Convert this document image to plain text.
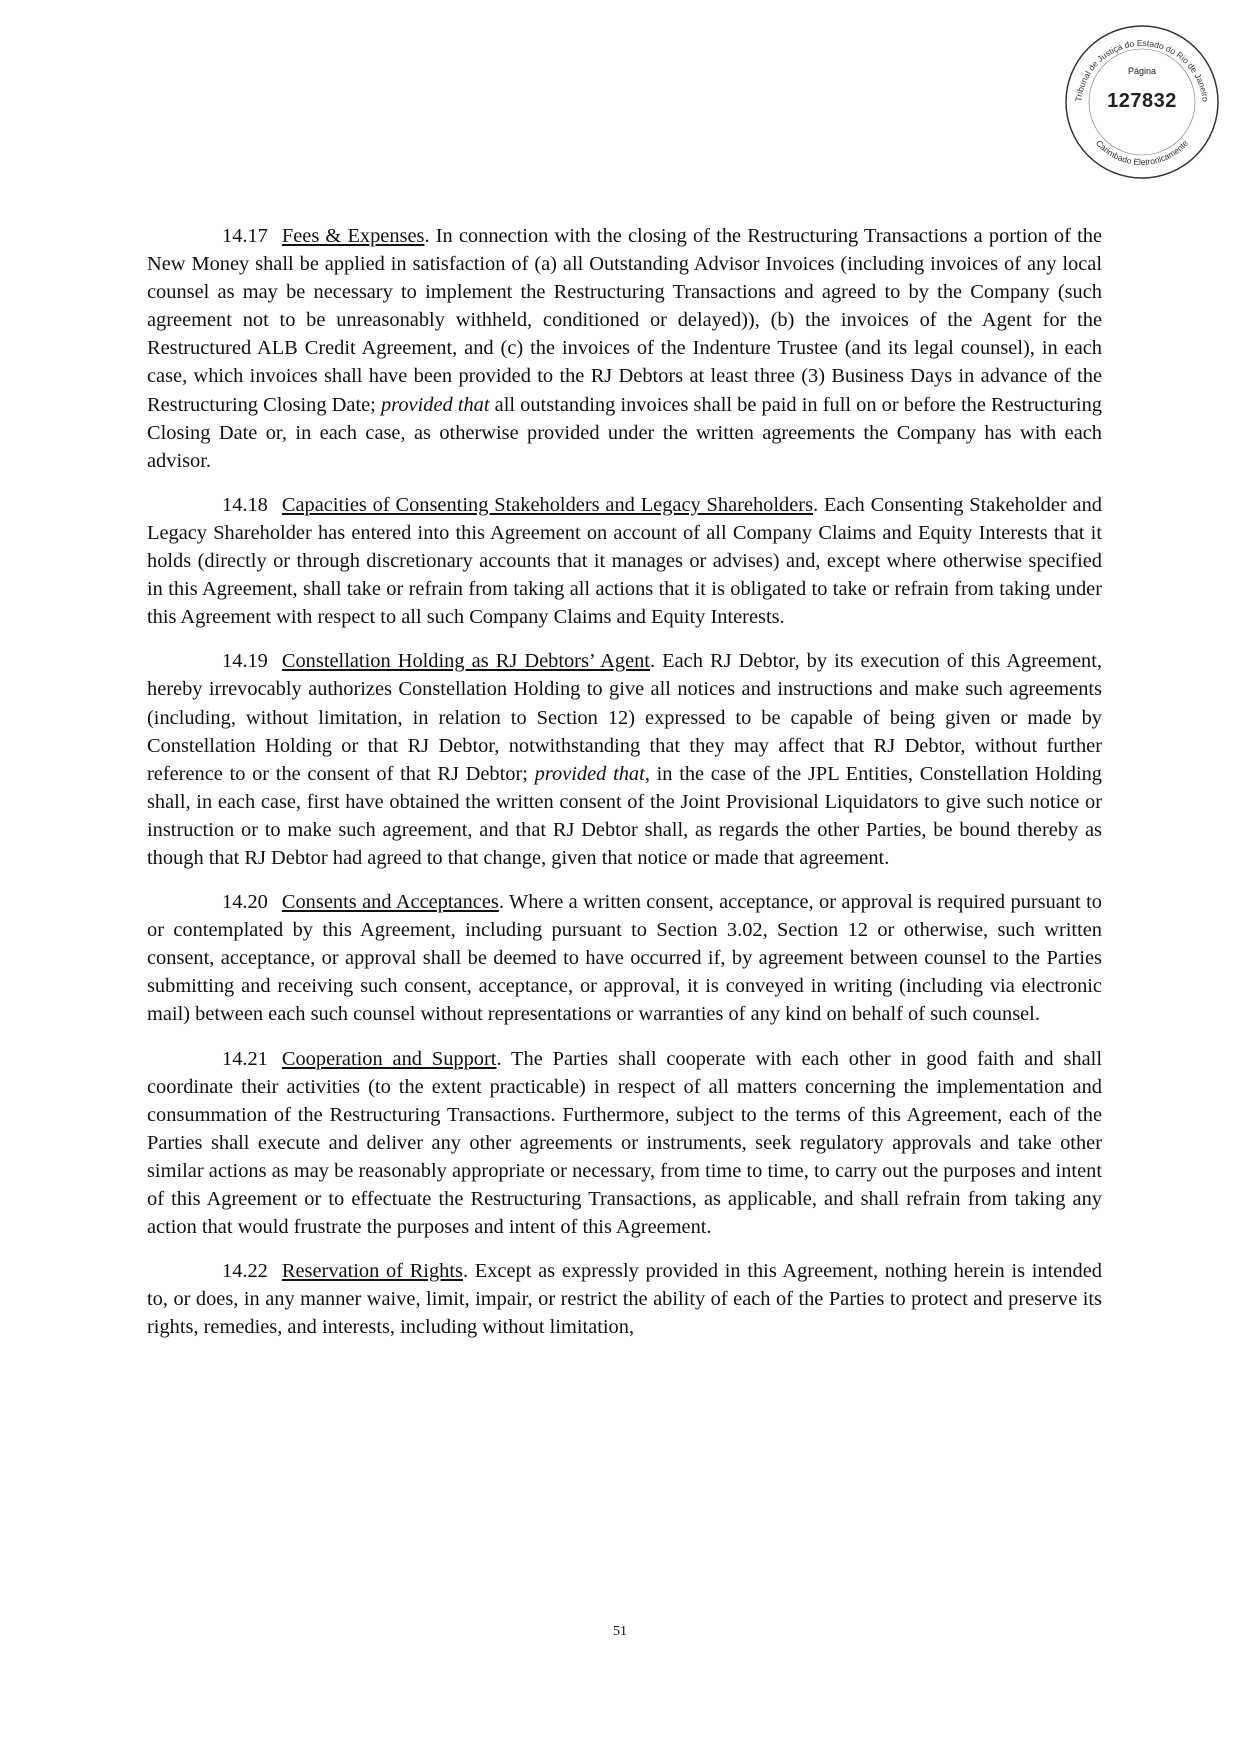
Tribunal de Justiça do Estado do Rio de Janeiro
Carimbado Eletronicamente
Página
127832

14.17 Fees & Expenses. In connection with the closing of the Restructuring Transactions a portion of the New Money shall be applied in satisfaction of (a) all Outstanding Advisor Invoices (including invoices of any local counsel as may be necessary to implement the Restructuring Transactions and agreed to by the Company (such agreement not to be unreasonably withheld, conditioned or delayed)), (b) the invoices of the Agent for the Restructured ALB Credit Agreement, and (c) the invoices of the Indenture Trustee (and its legal counsel), in each case, which invoices shall have been provided to the RJ Debtors at least three (3) Business Days in advance of the Restructuring Closing Date; provided that all outstanding invoices shall be paid in full on or before the Restructuring Closing Date or, in each case, as otherwise provided under the written agreements the Company has with each advisor.

14.18 Capacities of Consenting Stakeholders and Legacy Shareholders. Each Consenting Stakeholder and Legacy Shareholder has entered into this Agreement on account of all Company Claims and Equity Interests that it holds (directly or through discretionary accounts that it manages or advises) and, except where otherwise specified in this Agreement, shall take or refrain from taking all actions that it is obligated to take or refrain from taking under this Agreement with respect to all such Company Claims and Equity Interests.

14.19 Constellation Holding as RJ Debtors’ Agent. Each RJ Debtor, by its execution of this Agreement, hereby irrevocably authorizes Constellation Holding to give all notices and instructions and make such agreements (including, without limitation, in relation to Section 12) expressed to be capable of being given or made by Constellation Holding or that RJ Debtor, notwithstanding that they may affect that RJ Debtor, without further reference to or the consent of that RJ Debtor; provided that, in the case of the JPL Entities, Constellation Holding shall, in each case, first have obtained the written consent of the Joint Provisional Liquidators to give such notice or instruction or to make such agreement, and that RJ Debtor shall, as regards the other Parties, be bound thereby as though that RJ Debtor had agreed to that change, given that notice or made that agreement.

14.20 Consents and Acceptances. Where a written consent, acceptance, or approval is required pursuant to or contemplated by this Agreement, including pursuant to Section 3.02, Section 12 or otherwise, such written consent, acceptance, or approval shall be deemed to have occurred if, by agreement between counsel to the Parties submitting and receiving such consent, acceptance, or approval, it is conveyed in writing (including via electronic mail) between each such counsel without representations or warranties of any kind on behalf of such counsel.

14.21 Cooperation and Support. The Parties shall cooperate with each other in good faith and shall coordinate their activities (to the extent practicable) in respect of all matters concerning the implementation and consummation of the Restructuring Transactions. Furthermore, subject to the terms of this Agreement, each of the Parties shall execute and deliver any other agreements or instruments, seek regulatory approvals and take other similar actions as may be reasonably appropriate or necessary, from time to time, to carry out the purposes and intent of this Agreement or to effectuate the Restructuring Transactions, as applicable, and shall refrain from taking any action that would frustrate the purposes and intent of this Agreement.

14.22 Reservation of Rights. Except as expressly provided in this Agreement, nothing herein is intended to, or does, in any manner waive, limit, impair, or restrict the ability of each of the Parties to protect and preserve its rights, remedies, and interests, including without limitation,

51
